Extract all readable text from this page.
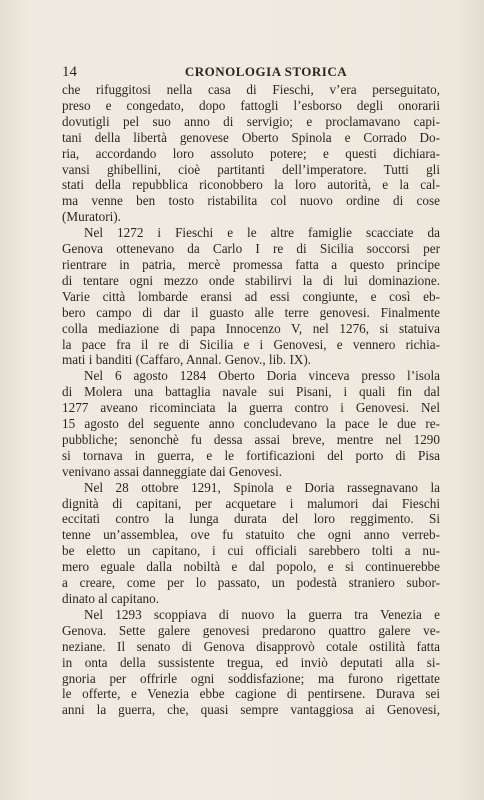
14	CRONOLOGIA STORICA

che rifuggitosi nella casa di Fieschi, v’era perseguitato,
preso e congedato, dopo fattogli l’esborso degli onorarii
dovutigli pel suo anno di servigio; e proclamavano capi-
tani della libertà genovese Oberto Spinola e Corrado Do-
ria, accordando loro assoluto potere; e questi dichiara-
vansi ghibellini, cioè partitanti dell’imperatore. Tutti gli
stati della repubblica riconobbero la loro autorità, e la cal-
ma venne ben tosto ristabilita col nuovo ordine di cose
(Muratori).

Nel 1272 i Fieschi e le altre famiglie scacciate da
Genova ottenevano da Carlo I re di Sicilia soccorsi per
rientrare in patria, mercè promessa fatta a questo principe
di tentare ogni mezzo onde stabilirvi la di lui dominazione.
Varie città lombarde eransi ad essi congiunte, e così eb-
bero campo di dar il guasto alle terre genovesi. Finalmente
colla mediazione di papa Innocenzo V, nel 1276, si statuiva
la pace fra il re di Sicilia e i Genovesi, e vennero richia-
mati i banditi (Caffaro, Annal. Genov., lib. IX).

Nel 6 agosto 1284 Oberto Doria vinceva presso l’isola
di Molera una battaglia navale sui Pisani, i quali fin dal
1277 aveano ricominciata la guerra contro i Genovesi. Nel
15 agosto del seguente anno concludevano la pace le due re-
pubbliche; senonchè fu dessa assai breve, mentre nel 1290
si tornava in guerra, e le fortificazioni del porto di Pisa
venivano assai danneggiate dai Genovesi.

Nel 28 ottobre 1291, Spinola e Doria rassegnavano la
dignità di capitani, per acquetare i malumori dai Fieschi
eccitati contro la lunga durata del loro reggimento. Si
tenne un’assemblea, ove fu statuito che ogni anno verreb-
be eletto un capitano, i cui officiali sarebbero tolti a nu-
mero eguale dalla nobiltà e dal popolo, e si continuerebbe
a creare, come per lo passato, un podestà straniero subor-
dinato al capitano.

Nel 1293 scoppiava di nuovo la guerra tra Venezia e
Genova. Sette galere genovesi predarono quattro galere ve-
neziane. Il senato di Genova disapprovò cotale ostilità fatta
in onta della sussistente tregua, ed inviò deputati alla si-
gnoria per offrirle ogni soddisfazione; ma furono rigettate
le offerte, e Venezia ebbe cagione di pentirsene. Durava sei
anni la guerra, che, quasi sempre vantaggiosa ai Genovesi,
